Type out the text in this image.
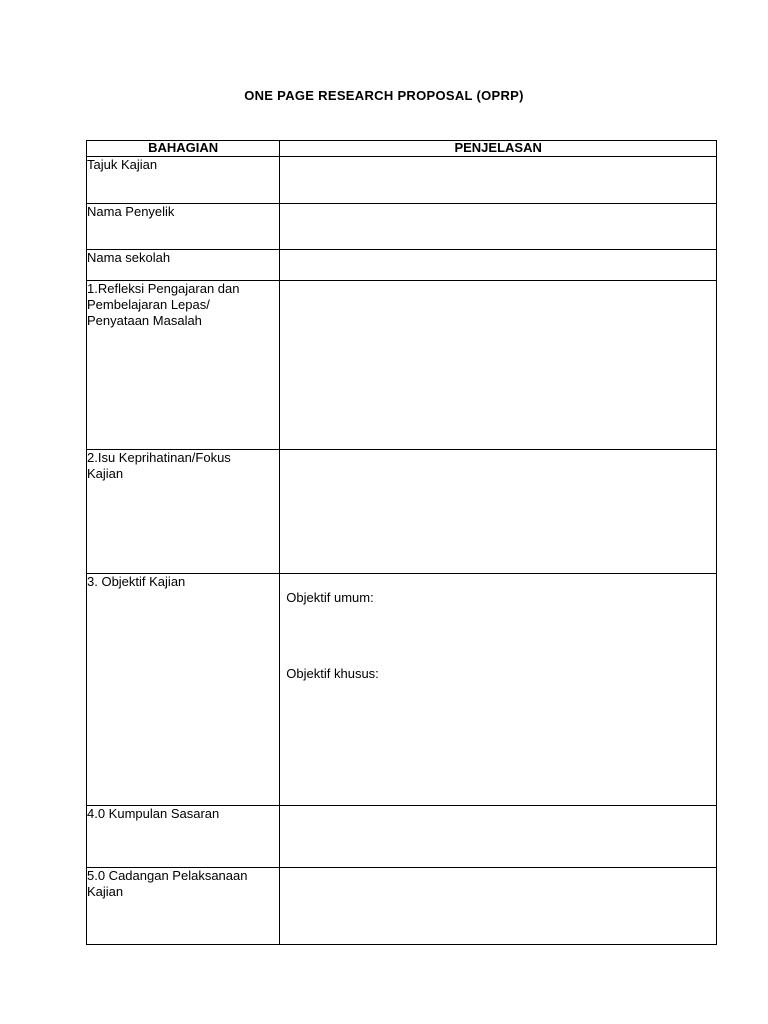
ONE PAGE RESEARCH PROPOSAL (OPRP)
BAHAGIAN	PENJELASAN

Tajuk Kajian	

Nama Penyelik	

Nama sekolah	

1.Refleksi Pengajaran dan
Pembelajaran Lepas/
Penyataan Masalah	

2.Isu Keprihatinan/Fokus
Kajian	

3. Objektif Kajian	Objektif umum:
Objektif khusus:

4.0 Kumpulan Sasaran	

5.0 Cadangan Pelaksanaan
Kajian	
